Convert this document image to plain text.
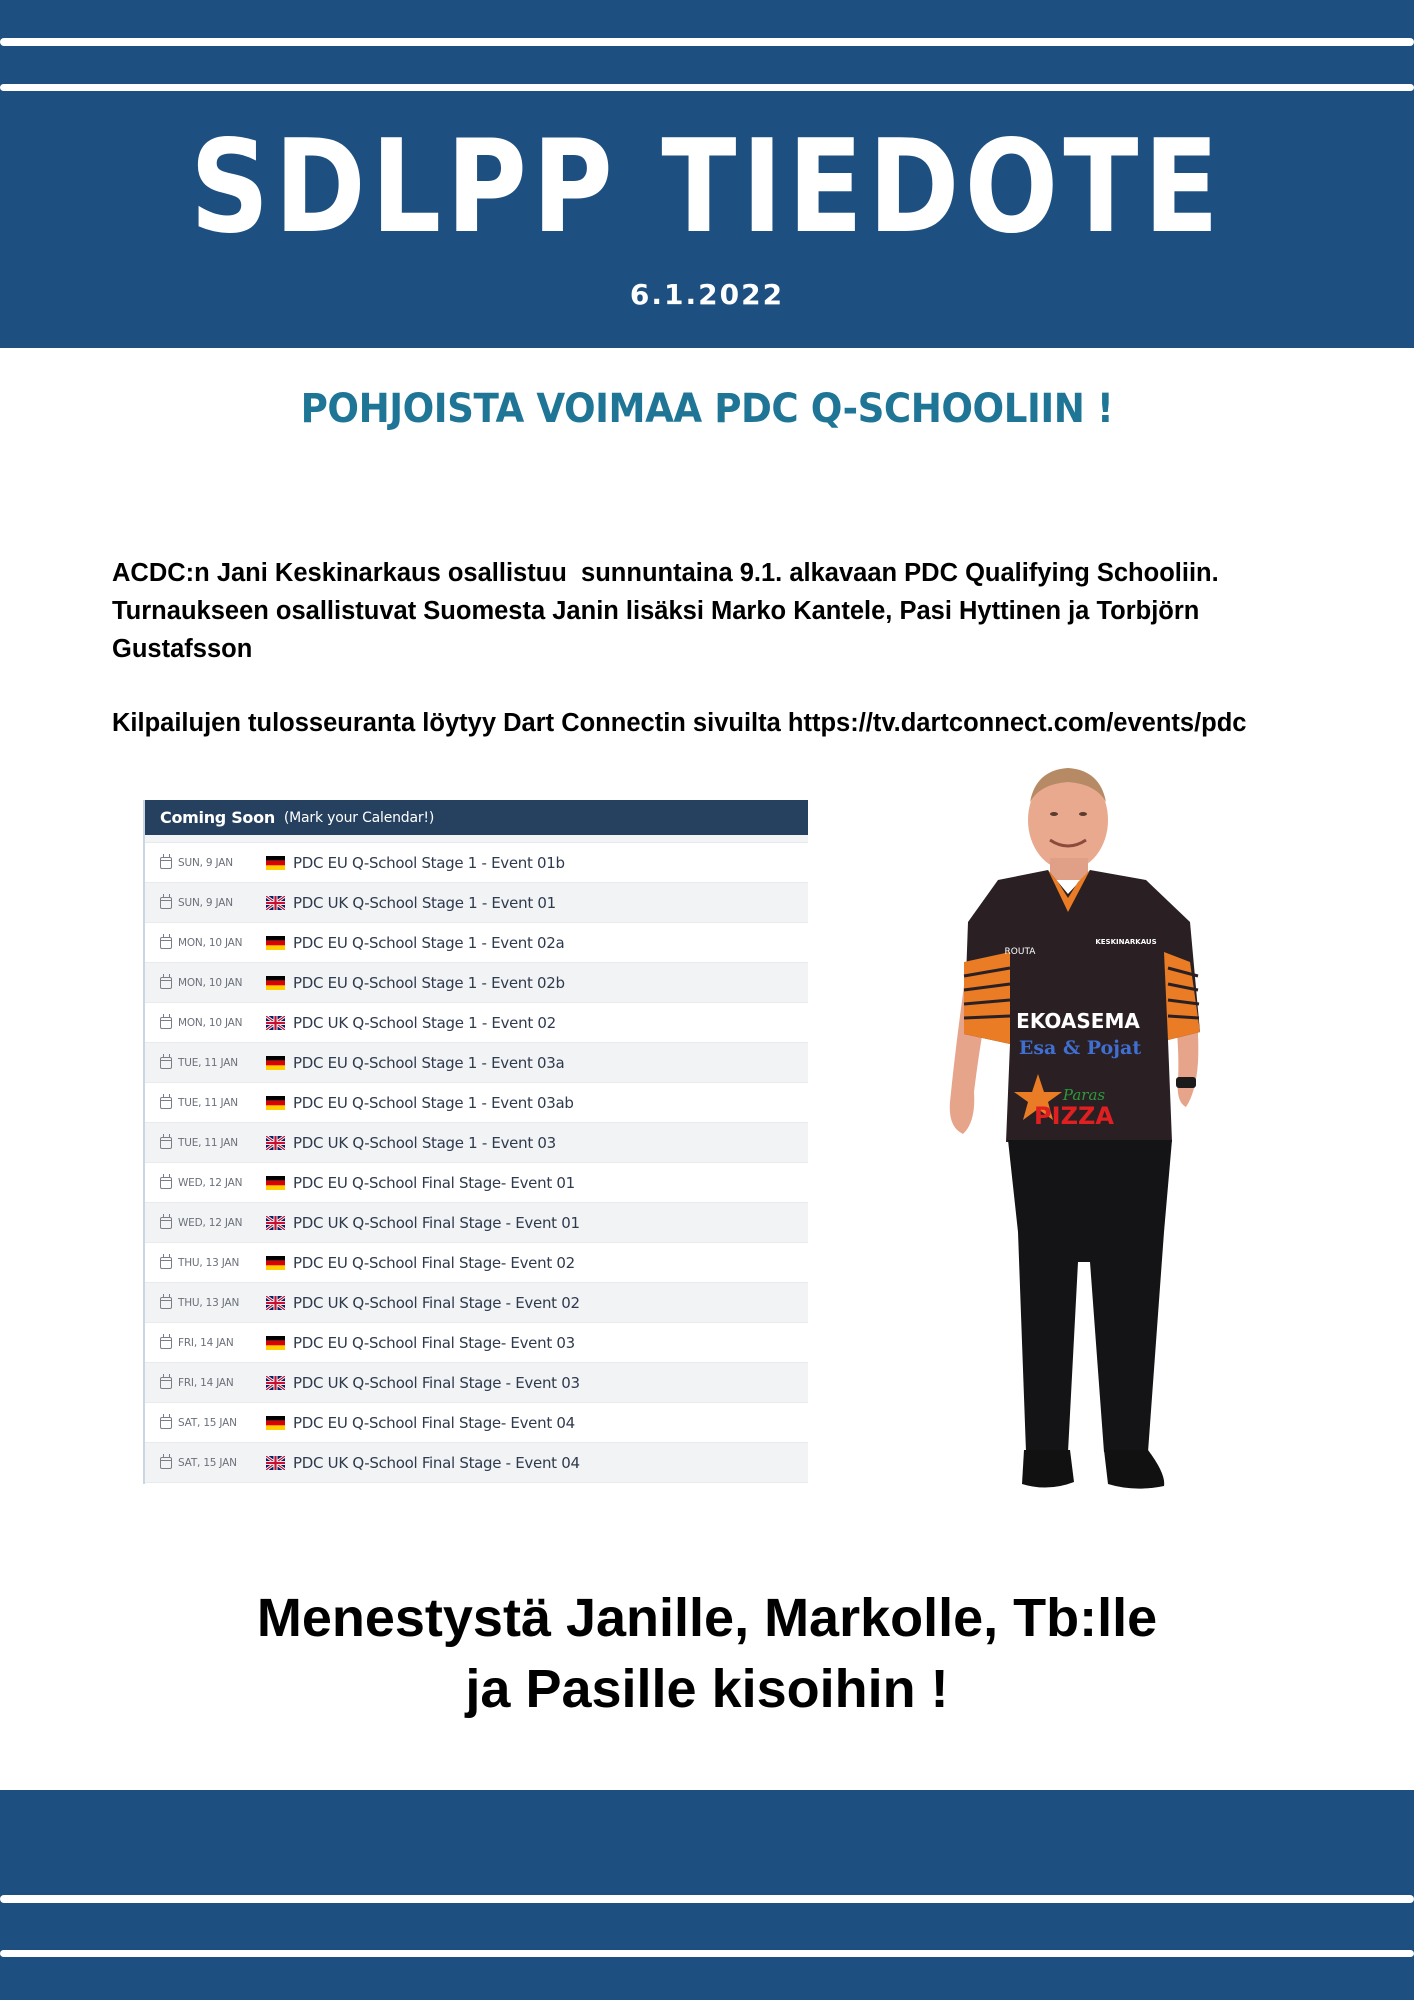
SDLPP TIEDOTE
6.1.2022
POHJOISTA VOIMAA PDC Q-SCHOOLIIN !
ACDC:n Jani Keskinarkaus osallistuu  sunnuntaina 9.1. alkavaan PDC Qualifying Schooliin.
Turnaukseen osallistuvat Suomesta Janin lisäksi Marko Kantele, Pasi Hyttinen ja Torbjörn
Gustafsson
Kilpailujen tulosseuranta löytyy Dart Connectin sivuilta https://tv.dartconnect.com/events/pdc
Coming Soon (Mark your Calendar!)
SUN, 9 JAN	PDC EU Q-School Stage 1 - Event 01b
SUN, 9 JAN	PDC UK Q-School Stage 1 - Event 01
MON, 10 JAN	PDC EU Q-School Stage 1 - Event 02a
MON, 10 JAN	PDC EU Q-School Stage 1 - Event 02b
MON, 10 JAN	PDC UK Q-School Stage 1 - Event 02
TUE, 11 JAN	PDC EU Q-School Stage 1 - Event 03a
TUE, 11 JAN	PDC EU Q-School Stage 1 - Event 03ab
TUE, 11 JAN	PDC UK Q-School Stage 1 - Event 03
WED, 12 JAN	PDC EU Q-School Final Stage- Event 01
WED, 12 JAN	PDC UK Q-School Final Stage - Event 01
THU, 13 JAN	PDC EU Q-School Final Stage- Event 02
THU, 13 JAN	PDC UK Q-School Final Stage - Event 02
FRI, 14 JAN	PDC EU Q-School Final Stage- Event 03
FRI, 14 JAN	PDC UK Q-School Final Stage - Event 03
SAT, 15 JAN	PDC EU Q-School Final Stage- Event 04
SAT, 15 JAN	PDC UK Q-School Final Stage - Event 04
EKOASEMA
Esa & Pojat
Paras
PIZZA
ROUTA
KESKINARKAUS
Menestystä Janille, Markolle, Tb:lle
ja Pasille kisoihin !
